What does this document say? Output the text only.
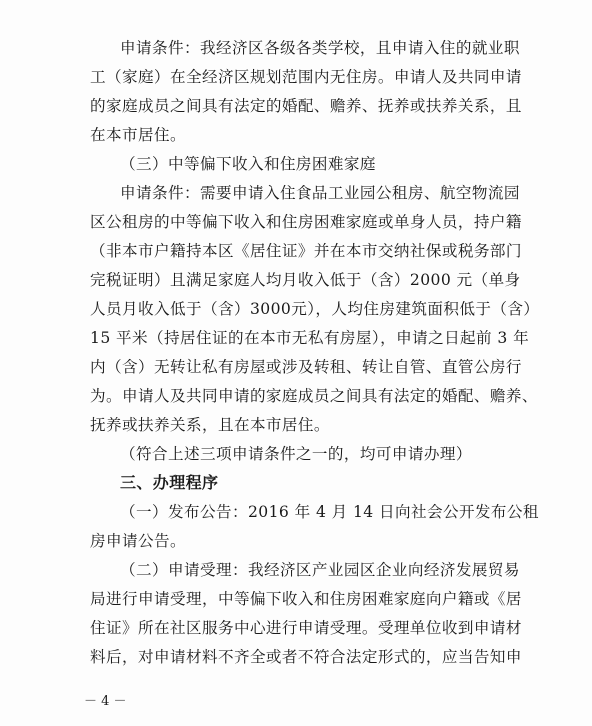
申请条件：我经济区各级各类学校，且申请入住的就业职
工（家庭）在全经济区规划范围内无住房。申请人及共同申请
的家庭成员之间具有法定的婚配、赡养、抚养或扶养关系，且
在本市居住。
（三）中等偏下收入和住房困难家庭
申请条件：需要申请入住食品工业园公租房、航空物流园
区公租房的中等偏下收入和住房困难家庭或单身人员，持户籍
（非本市户籍持本区《居住证》并在本市交纳社保或税务部门
完税证明）且满足家庭人均月收入低于（含）2000 元（单身
人员月收入低于（含）3000元），人均住房建筑面积低于（含）
15 平米（持居住证的在本市无私有房屋），申请之日起前 3 年
内（含）无转让私有房屋或涉及转租、转让自管、直管公房行
为。申请人及共同申请的家庭成员之间具有法定的婚配、赡养、
抚养或扶养关系，且在本市居住。
（符合上述三项申请条件之一的，均可申请办理）
三、办理程序
（一）发布公告：2016 年 4 月 14 日向社会公开发布公租
房申请公告。
（二）申请受理：我经济区产业园区企业向经济发展贸易
局进行申请受理，中等偏下收入和住房困难家庭向户籍或《居
住证》所在社区服务中心进行申请受理。受理单位收到申请材
料后，对申请材料不齐全或者不符合法定形式的，应当告知申
－ 4 －
